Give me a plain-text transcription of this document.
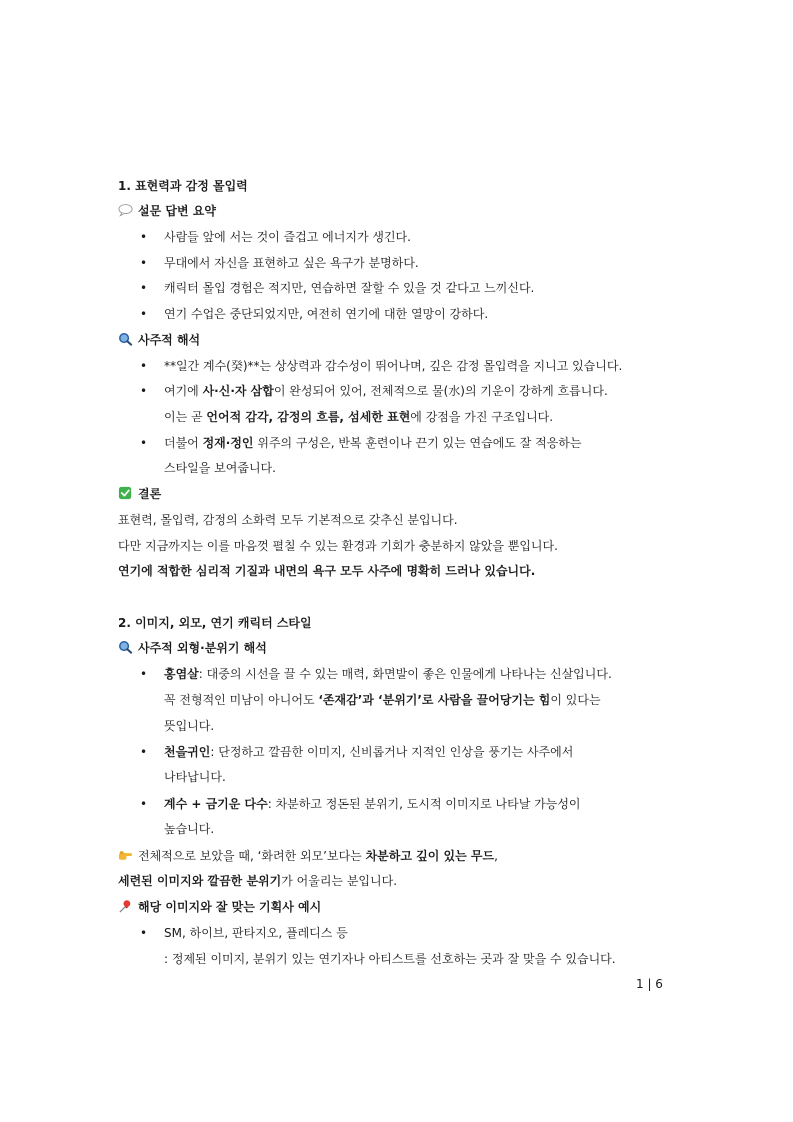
1. 표현력과 감정 몰입력
설문 답변 요약
• 사람들 앞에 서는 것이 즐겁고 에너지가 생긴다.
• 무대에서 자신을 표현하고 싶은 욕구가 분명하다.
• 캐릭터 몰입 경험은 적지만, 연습하면 잘할 수 있을 것 같다고 느끼신다.
• 연기 수업은 중단되었지만, 여전히 연기에 대한 열망이 강하다.
사주적 해석
• **일간 계수(癸)**는 상상력과 감수성이 뛰어나며, 깊은 감정 몰입력을 지니고 있습니다.
• 여기에 사·신·자 삼합이 완성되어 있어, 전체적으로 물(水)의 기운이 강하게 흐릅니다.
이는 곧 언어적 감각, 감정의 흐름, 섬세한 표현에 강점을 가진 구조입니다.
• 더불어 정재·정인 위주의 구성은, 반복 훈련이나 끈기 있는 연습에도 잘 적응하는
스타일을 보여줍니다.
결론
표현력, 몰입력, 감정의 소화력 모두 기본적으로 갖추신 분입니다.
다만 지금까지는 이를 마음껏 펼칠 수 있는 환경과 기회가 충분하지 않았을 뿐입니다.
연기에 적합한 심리적 기질과 내면의 욕구 모두 사주에 명확히 드러나 있습니다.
2. 이미지, 외모, 연기 캐릭터 스타일
사주적 외형·분위기 해석
• 홍염살: 대중의 시선을 끌 수 있는 매력, 화면발이 좋은 인물에게 나타나는 신살입니다.
꼭 전형적인 미남이 아니어도 ‘존재감’과 ‘분위기’로 사람을 끌어당기는 힘이 있다는
뜻입니다.
• 천을귀인: 단정하고 깔끔한 이미지, 신비롭거나 지적인 인상을 풍기는 사주에서
나타납니다.
• 계수 + 금기운 다수: 차분하고 정돈된 분위기, 도시적 이미지로 나타날 가능성이
높습니다.
전체적으로 보았을 때, ‘화려한 외모’보다는 차분하고 깊이 있는 무드,
세련된 이미지와 깔끔한 분위기가 어울리는 분입니다.
해당 이미지와 잘 맞는 기획사 예시
• SM, 하이브, 판타지오, 플레디스 등
: 정제된 이미지, 분위기 있는 연기자나 아티스트를 선호하는 곳과 잘 맞을 수 있습니다.
1 | 6
